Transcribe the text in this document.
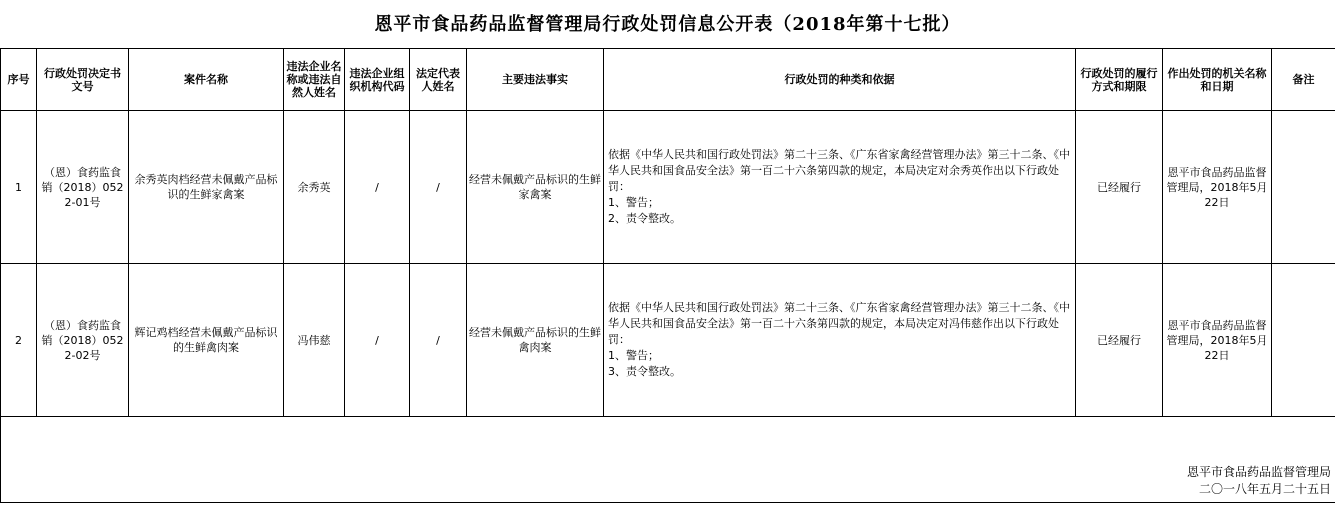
恩平市食品药品监督管理局行政处罚信息公开表（2018年第十七批）
序号	行政处罚决定书文号	案件名称	违法企业名称或违法自然人姓名	违法企业组织机构代码	法定代表人姓名	主要违法事实	行政处罚的种类和依据	行政处罚的履行方式和期限	作出处罚的机关名称和日期	备注
1	（恩）食药监食销（2018）0522-01号	余秀英肉档经营未佩戴产品标识的生鲜家禽案	余秀英	/	/	经营未佩戴产品标识的生鲜家禽案	依据《中华人民共和国行政处罚法》第二十三条、《广东省家禽经营管理办法》第三十二条、《中华人民共和国食品安全法》第一百二十六条第四款的规定，本局决定对余秀英作出以下行政处罚：
1、警告；
2、责令整改。	已经履行	恩平市食品药品监督管理局，2018年5月22日	
2	（恩）食药监食销（2018）0522-02号	辉记鸡档经营未佩戴产品标识的生鲜禽肉案	冯伟慈	/	/	经营未佩戴产品标识的生鲜禽肉案	依据《中华人民共和国行政处罚法》第二十三条、《广东省家禽经营管理办法》第三十二条、《中华人民共和国食品安全法》第一百二十六条第四款的规定，本局决定对冯伟慈作出以下行政处罚：
1、警告；
3、责令整改。	已经履行	恩平市食品药品监督管理局，2018年5月22日	

恩平市食品药品监督管理局
二〇一八年五月二十五日										
